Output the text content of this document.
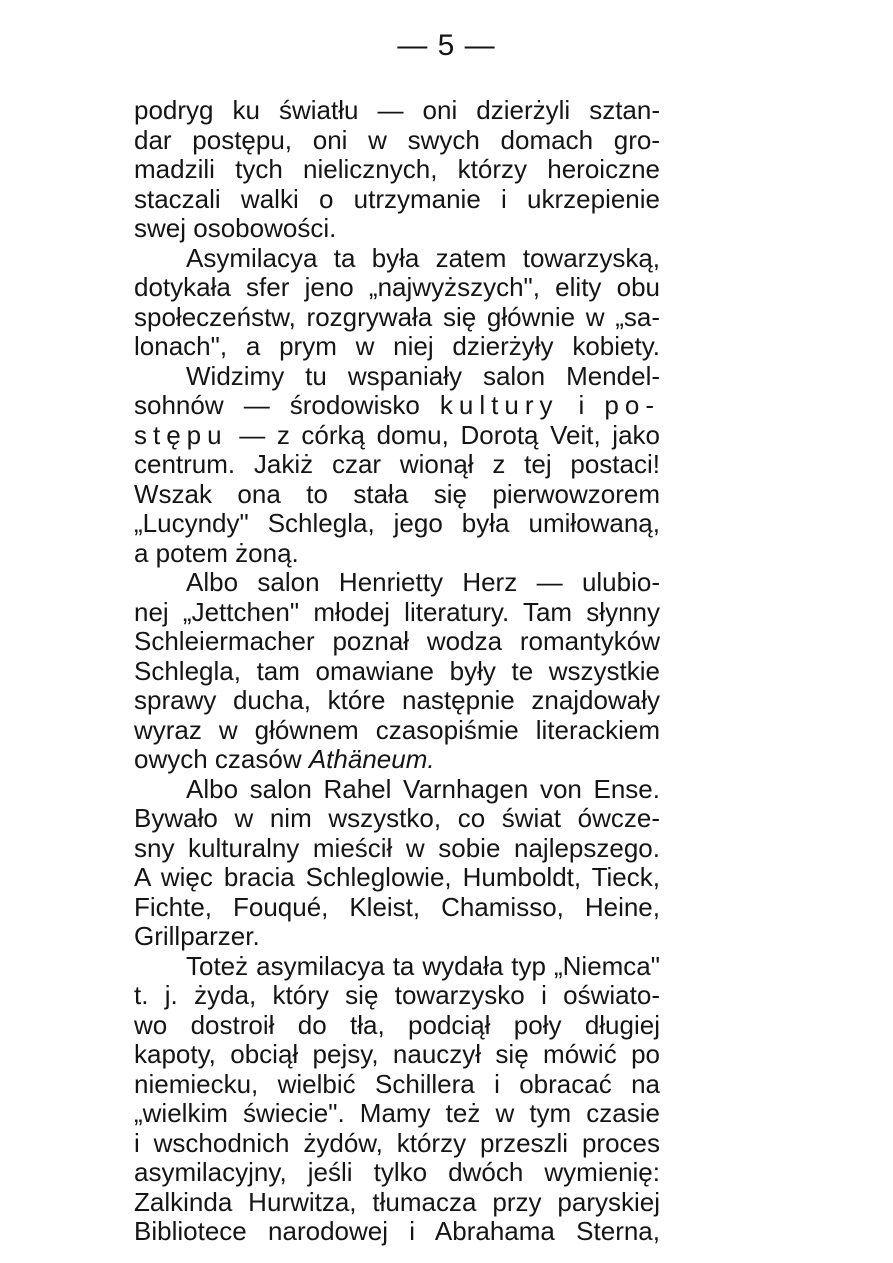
— 5 —
podryg ku światłu — oni dzierżyli sztan-
dar postępu, oni w swych domach gro-
madzili tych nielicznych, którzy heroiczne
staczali walki o utrzymanie i ukrzepienie
swej osobowości.
Asymilacya ta była zatem towarzyską,
dotykała sfer jeno „najwyższych", elity obu
społeczeństw, rozgrywała się głównie w „sa-
lonach", a prym w niej dzierżyły kobiety.
Widzimy tu wspaniały salon Mendel-
sohnów — środowisko kultury i po-
stępu — z córką domu, Dorotą Veit, jako
centrum. Jakiż czar wionął z tej postaci!
Wszak ona to stała się pierwowzorem
„Lucyndy" Schlegla, jego była umiłowaną,
a potem żoną.
Albo salon Henrietty Herz — ulubio-
nej „Jettchen" młodej literatury. Tam słynny
Schleiermacher poznał wodza romantyków
Schlegla, tam omawiane były te wszystkie
sprawy ducha, które następnie znajdowały
wyraz w głównem czasopiśmie literackiem
owych czasów Athäneum.
Albo salon Rahel Varnhagen von Ense.
Bywało w nim wszystko, co świat ówcze-
sny kulturalny mieścił w sobie najlepszego.
A więc bracia Schleglowie, Humboldt, Tieck,
Fichte, Fouqué, Kleist, Chamisso, Heine,
Grillparzer.
Toteż asymilacya ta wydała typ „Niemca"
t. j. żyda, który się towarzysko i oświato-
wo dostroił do tła, podciął poły długiej
kapoty, obciął pejsy, nauczył się mówić po
niemiecku, wielbić Schillera i obracać na
„wielkim świecie". Mamy też w tym czasie
i wschodnich żydów, którzy przeszli proces
asymilacyjny, jeśli tylko dwóch wymienię:
Zalkinda Hurwitza, tłumacza przy paryskiej
Bibliotece narodowej i Abrahama Sterna,
